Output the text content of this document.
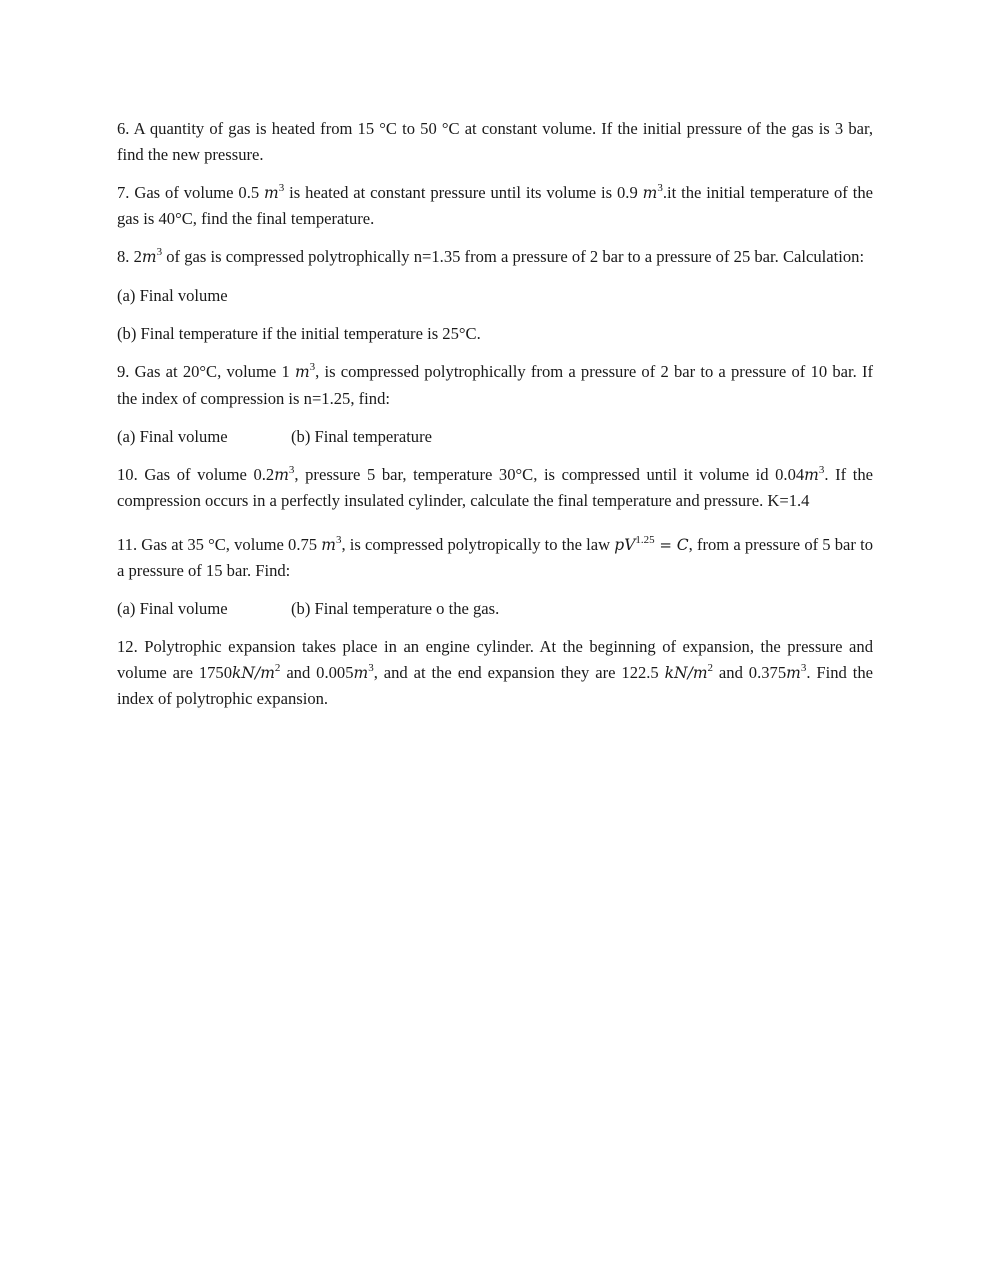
6. A quantity of gas is heated from 15 °C to 50 °C at constant volume. If the initial pressure of the gas is 3 bar, find the new pressure.

7. Gas of volume 0.5 $m^3$ is heated at constant pressure until its volume is 0.9 $m^3.it$ the initial temperature of the gas is 40°C, find the final temperature.

8. $2m^3$ of gas is compressed polytrophically n=1.35 from a pressure of 2 bar to a pressure of 25 bar. Calculation:

(a) Final volume

(b) Final temperature if the initial temperature is 25°C.

9. Gas at 20°C, volume 1 $m^3$, is compressed polytrophically from a pressure of 2 bar to a pressure of 10 bar. If the index of compression is n=1.25, find:

(a) Final volume	(b) Final temperature

10. Gas of volume $0.2m^3$, pressure 5 bar, temperature 30°C, is compressed until it volume id $0.04m^3$. If the compression occurs in a perfectly insulated cylinder, calculate the final temperature and pressure. K=1.4

11. Gas at 35 °C, volume 0.75 $m^3$, is compressed polytropically to the law $pV^{1.25} = C$, from a pressure of 5 bar to a pressure of 15 bar. Find:

(a) Final volume	(b) Final temperature o the gas.

12. Polytrophic expansion takes place in an engine cylinder. At the beginning of expansion, the pressure and volume are $1750kN/m^2$ and $0.005m^3$, and at the end expansion they are 122.5 $kN/m^2$ and $0.375m^3$. Find the index of polytrophic expansion.
